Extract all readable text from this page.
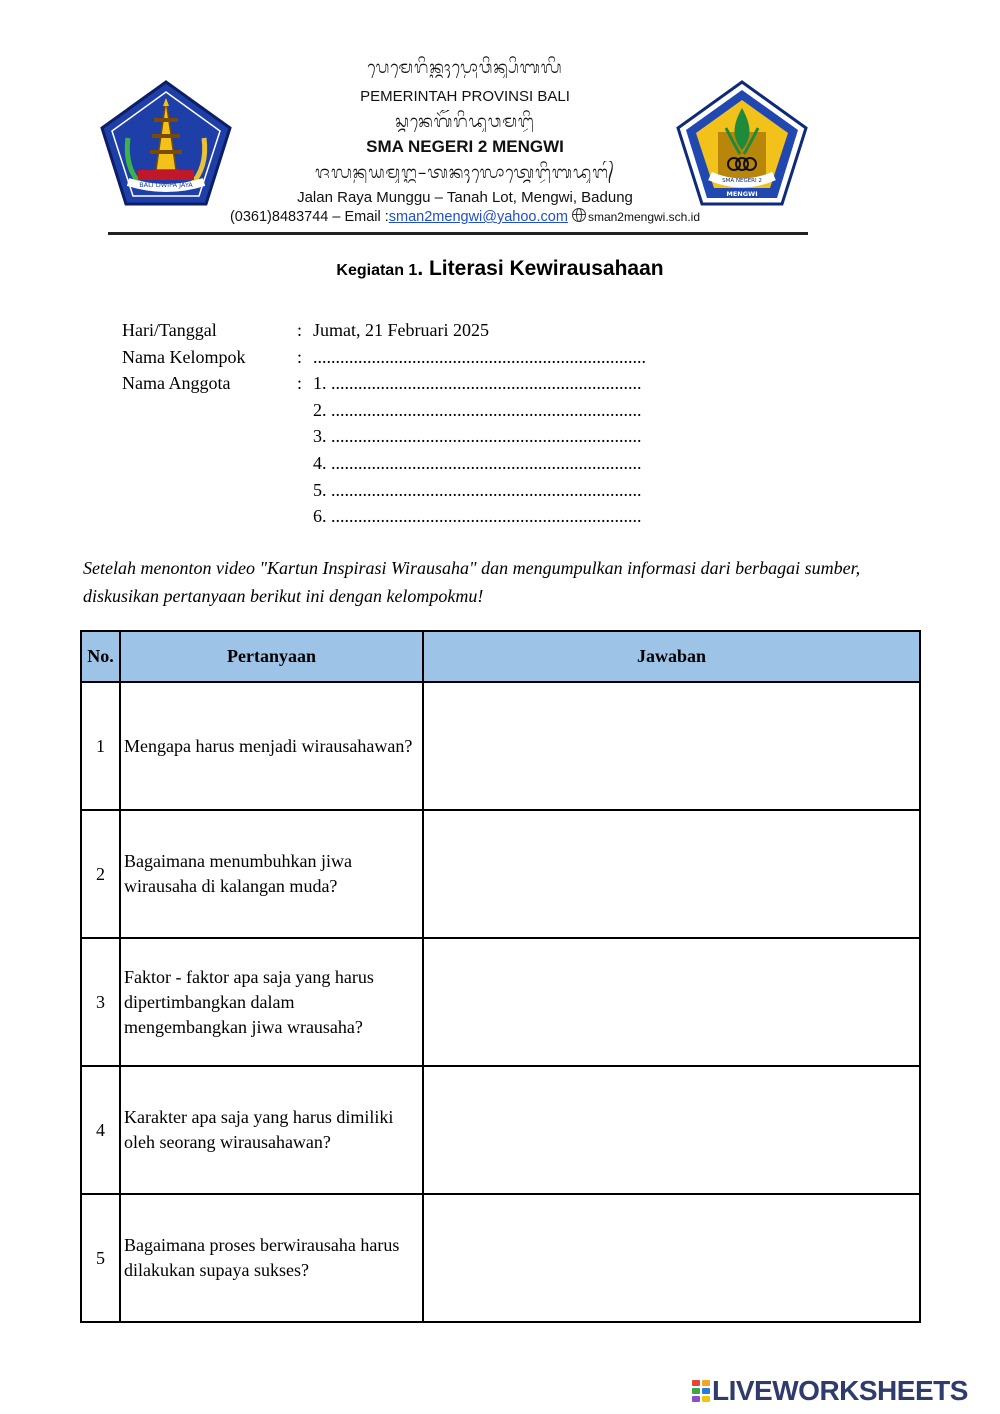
BALI DWIPA JAYA
ᬧᬾᬫᬾᬭᬶᬦ᭄ᬢᬄᬧ᭄ᬭᭀᬯᬶᬦ᭄ᬲᬶᬩᬮᬶ
PEMERINTAH PROVINSI BALI
ᬲ᭄ᬫᬦᬾᬕᭂᬭᬶᬤᬸᬯᬫᬗ᭄ᬯᬶ
SMA NEGERI 2 MENGWI
ᬚᬮᬦ᭄ᬭᬬᬫᬸᬗ᭄ᬕᬸ–ᬢᬦᬄᬮᭀᬢ᭄ᬫᬾᬗ᭄ᬯᬶᬩᬤᬸᬗ᭄
Jalan Raya Munggu – Tanah Lot, Mengwi, Badung
(0361)8483744 – Email :sman2mengwi@yahoo.com sman2mengwi.sch.id
SMA NEGERI 2
MENGWI
Kegiatan 1. Literasi Kewirausahaan
Hari/Tanggal	: Jumat, 21 Februari 2025
Nama Kelompok	: ..........................................................................
Nama Anggota	: 1. .....................................................................
2. .....................................................................
3. .....................................................................
4. .....................................................................
5. .....................................................................
6. .....................................................................
Setelah menonton video "Kartun Inspirasi Wirausaha" dan mengumpulkan informasi dari berbagai sumber, diskusikan pertanyaan berikut ini dengan kelompokmu!
No.	Pertanyaan	Jawaban
1	Mengapa harus menjadi wirausahawan?	
2	Bagaimana menumbuhkan jiwa wirausaha di kalangan muda?	
3	Faktor - faktor apa saja yang harus dipertimbangkan dalam mengembangkan jiwa wrausaha?	
4	Karakter apa saja yang harus dimiliki oleh seorang wirausahawan?	
5	Bagaimana proses berwirausaha harus dilakukan supaya sukses?	
LIVEWORKSHEETS
